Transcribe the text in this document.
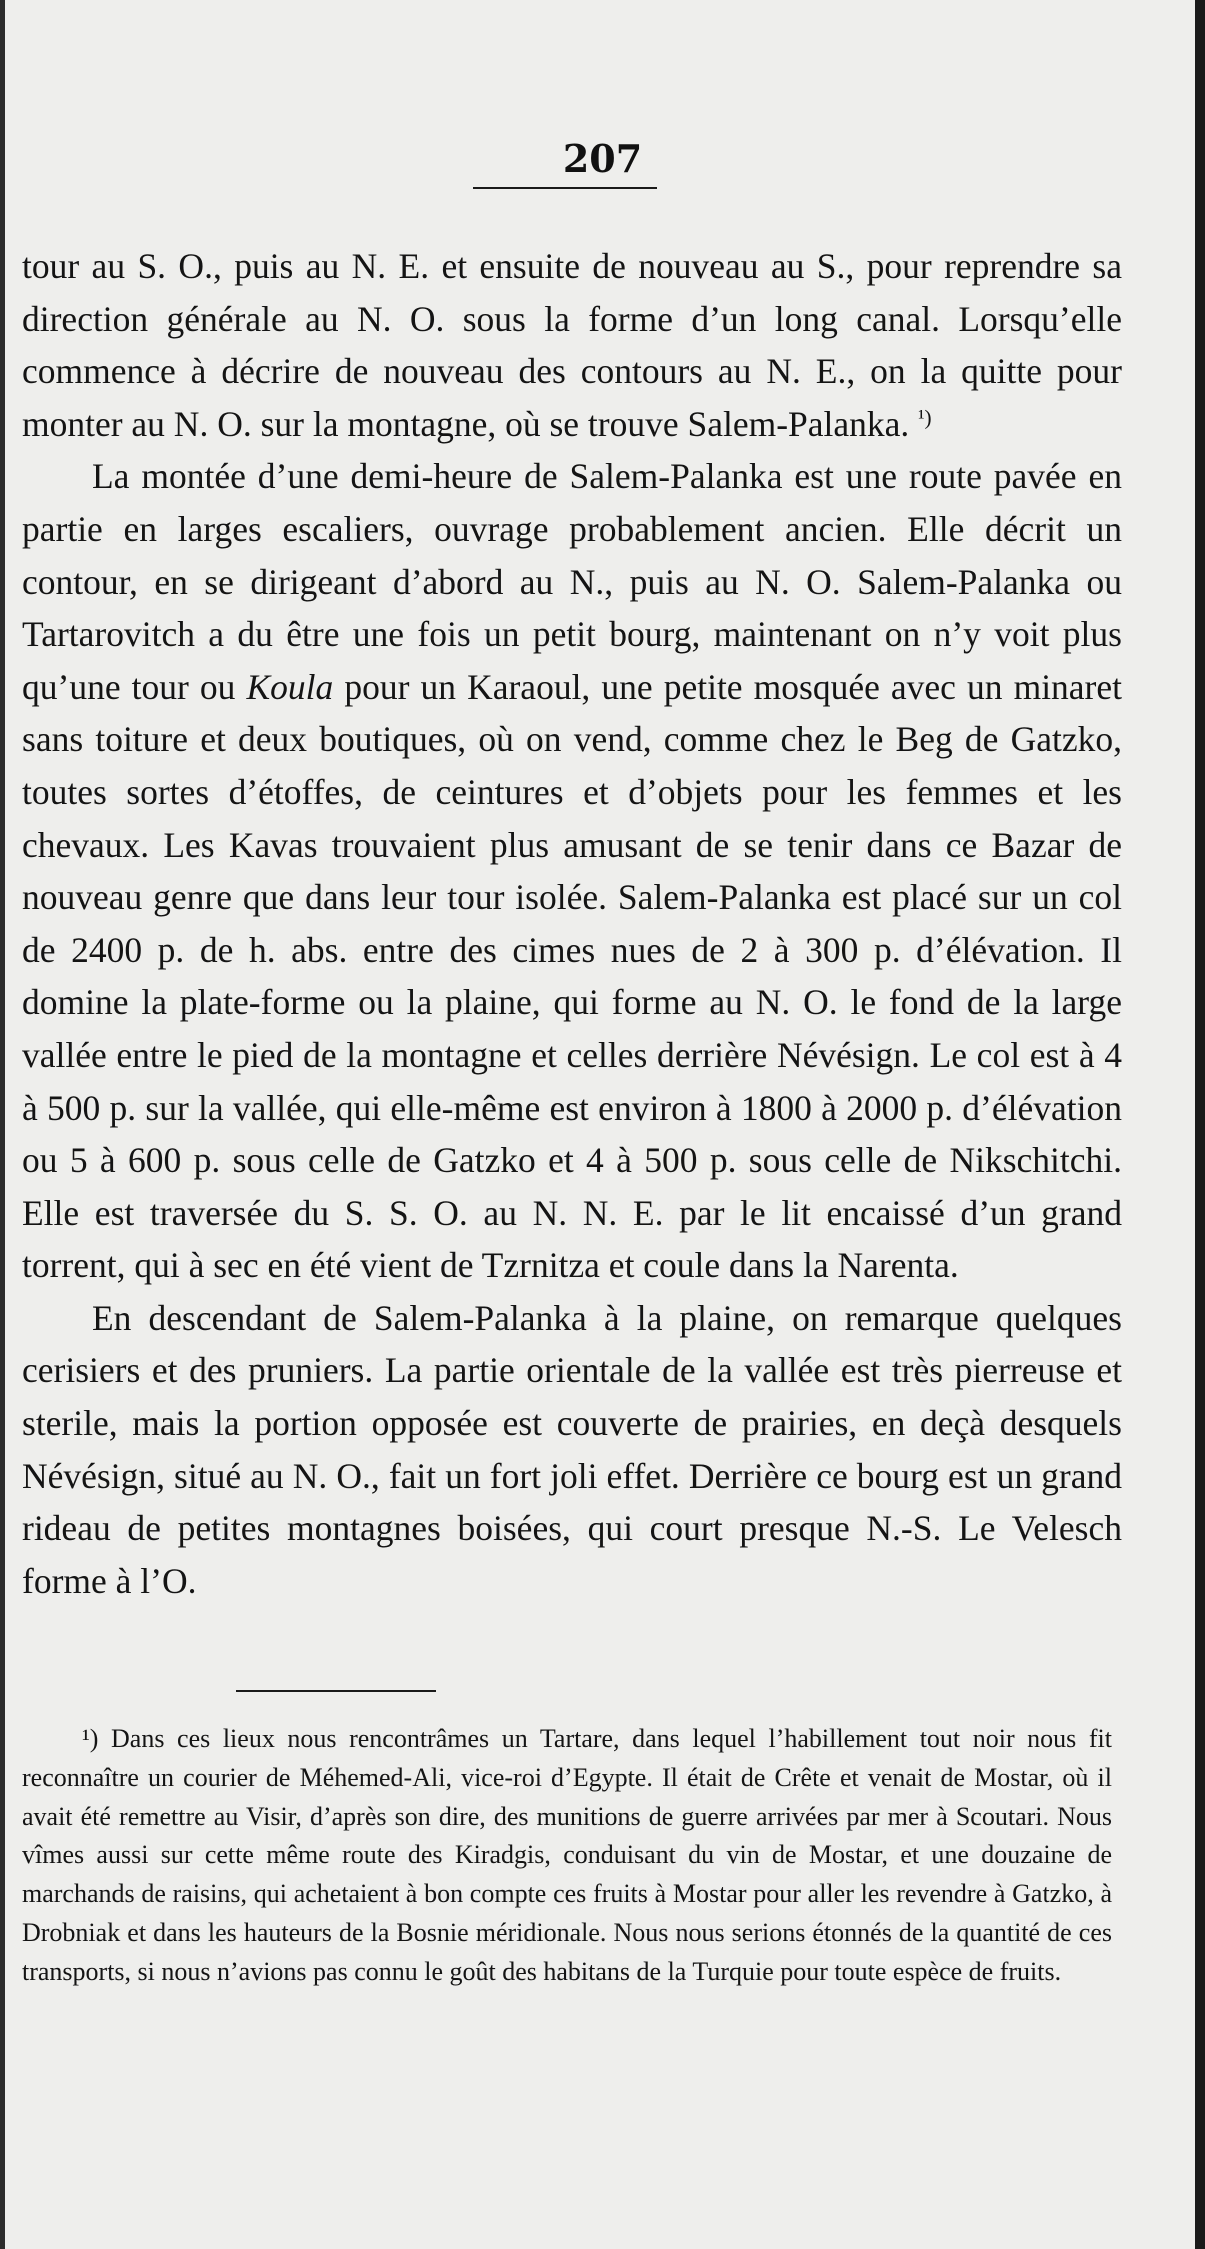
207

tour au S. O., puis au N. E. et ensuite de nouveau au S., pour reprendre sa direction générale au N. O. sous la forme d’un long canal. Lorsqu’elle commence à décrire de nouveau des contours au N. E., on la quitte pour monter au N. O. sur la montagne, où se trouve Salem-Palanka. $^{^1)}$

La montée d’une demi-heure de Salem-Palanka est une route pavée en partie en larges escaliers, ouvrage probablement ancien. Elle décrit un contour, en se dirigeant d’abord au N., puis au N. O. Salem-Palanka ou Tartarovitch a du être une fois un petit bourg, maintenant on n’y voit plus qu’une tour ou Koula pour un Karaoul, une petite mosquée avec un minaret sans toiture et deux boutiques, où on vend, comme chez le Beg de Gatzko, toutes sortes d’étoffes, de ceintures et d’objets pour les femmes et les chevaux. Les Kavas trouvaient plus amusant de se tenir dans ce Bazar de nouveau genre que dans leur tour isolée. Salem-Palanka est placé sur un col de 2400 p. de h. abs. entre des cimes nues de 2 à 300 p. d’élévation. Il domine la plate-forme ou la plaine, qui forme au N. O. le fond de la large vallée entre le pied de la montagne et celles derrière Névésign. Le col est à 4 à 500 p. sur la vallée, qui elle-même est environ à 1800 à 2000 p. d’élévation ou 5 à 600 p. sous celle de Gatzko et 4 à 500 p. sous celle de Nikschitchi. Elle est traversée du S. S. O. au N. N. E. par le lit encaissé d’un grand torrent, qui à sec en été vient de Tzrnitza et coule dans la Narenta.

En descendant de Salem-Palanka à la plaine, on remarque quelques cerisiers et des pruniers. La partie orientale de la vallée est très pierreuse et sterile, mais la portion opposée est couverte de prairies, en deçà desquels Névésign, situé au N. O., fait un fort joli effet. Derrière ce bourg est un grand rideau de petites montagnes boisées, qui court presque N.-S. Le Velesch forme à l’O.

¹) Dans ces lieux nous rencontrâmes un Tartare, dans lequel l’habillement tout noir nous fit reconnaître un courier de Méhemed-Ali, vice-roi d’Egypte. Il était de Crête et venait de Mostar, où il avait été remettre au Visir, d’après son dire, des munitions de guerre arrivées par mer à Scoutari. Nous vîmes aussi sur cette même route des Kiradgis, conduisant du vin de Mostar, et une douzaine de marchands de raisins, qui achetaient à bon compte ces fruits à Mostar pour aller les revendre à Gatzko, à Drobniak et dans les hauteurs de la Bosnie méridionale. Nous nous serions étonnés de la quantité de ces transports, si nous n’avions pas connu le goût des habitans de la Turquie pour toute espèce de fruits.
